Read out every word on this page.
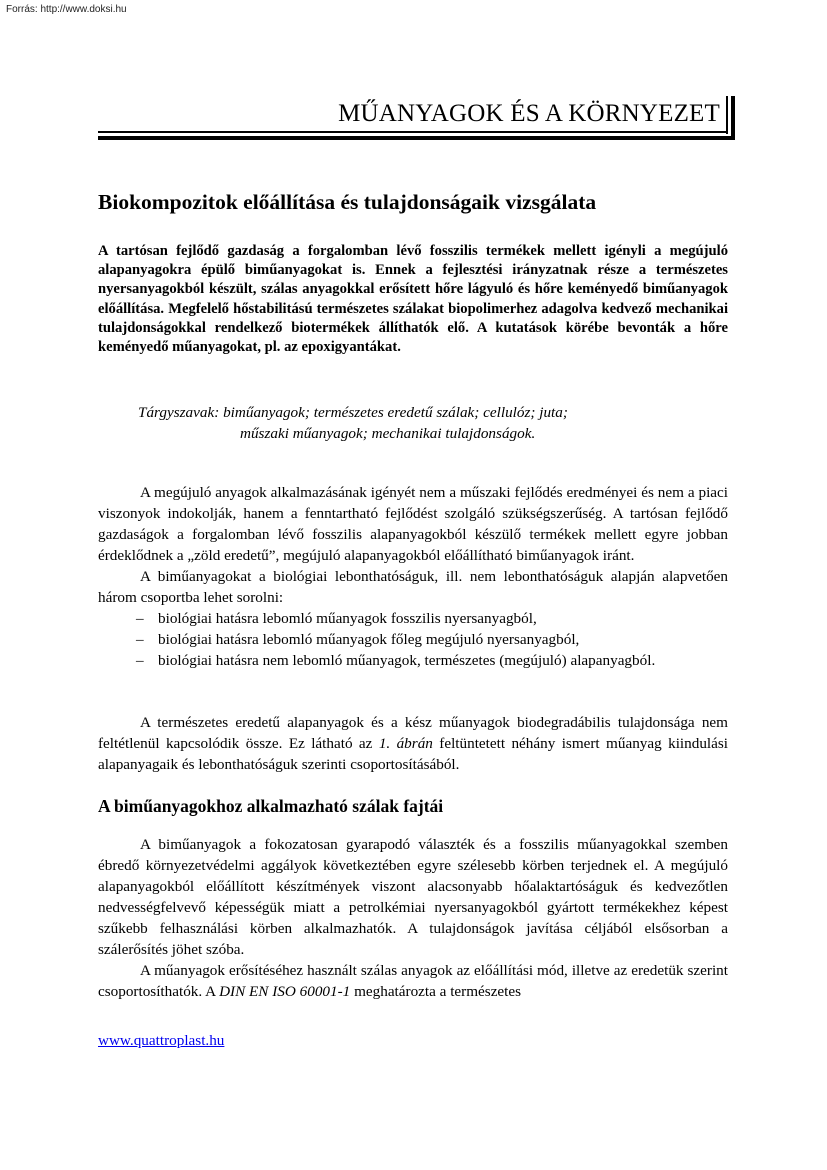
Forrás: http://www.doksi.hu
MŰANYAGOK ÉS A KÖRNYEZET
Biokompozitok előállítása és tulajdonságaik vizsgálata
A tartósan fejlődő gazdaság a forgalomban lévő fosszilis termékek mellett igényli a megújuló alapanyagokra épülő biműanyagokat is. Ennek a fejlesztési irányzatnak része a természetes nyersanyagokból készült, szálas anyagokkal erősített hőre lágyuló és hőre keményedő biműanyagok előállítása. Megfelelő hőstabilitású természetes szálakat biopolimerhez adagolva kedvező mechanikai tulajdonságokkal rendelkező biotermékek állíthatók elő. A kutatások körébe bevonták a hőre keményedő műanyagokat, pl. az epoxigyantákat.
Tárgyszavak: biműanyagok; természetes eredetű szálak; cellulóz; juta;
műszaki műanyagok; mechanikai tulajdonságok.

A megújuló anyagok alkalmazásának igényét nem a műszaki fejlődés eredményei és nem a piaci viszonyok indokolják, hanem a fenntartható fejlődést szolgáló szükségszerűség. A tartósan fejlődő gazdaságok a forgalomban lévő fosszilis alapanyagokból készülő termékek mellett egyre jobban érdeklődnek a „zöld eredetű”, megújuló alapanyagokból előállítható biműanyagok iránt.

A biműanyagokat a biológiai lebonthatóságuk, ill. nem lebonthatóságuk alapján alapvetően három csoportba lehet sorolni:

– biológiai hatásra lebomló műanyagok fosszilis nyersanyagból,
– biológiai hatásra lebomló műanyagok főleg megújuló nyersanyagból,
– biológiai hatásra nem lebomló műanyagok, természetes (megújuló) alapanyagból.

A természetes eredetű alapanyagok és a kész műanyagok biodegradábilis tulajdonsága nem feltétlenül kapcsolódik össze. Ez látható az 1. ábrán feltüntetett néhány ismert műanyag kiindulási alapanyagaik és lebonthatóságuk szerinti csoportosításából.

A biműanyagokhoz alkalmazható szálak fajtái

A biműanyagok a fokozatosan gyarapodó választék és a fosszilis műanyagokkal szemben ébredő környezetvédelmi aggályok következtében egyre szélesebb körben terjednek el. A megújuló alapanyagokból előállított készítmények viszont alacsonyabb hőalaktartóságuk és kedvezőtlen nedvességfelvevő képességük miatt a petrolkémiai nyersanyagokból gyártott termékekhez képest szűkebb felhasználási körben alkalmazhatók. A tulajdonságok javítása céljából elsősorban a szálerősítés jöhet szóba.

A műanyagok erősítéséhez használt szálas anyagok az előállítási mód, illetve az eredetük szerint csoportosíthatók. A DIN EN ISO 60001-1 meghatározta a természetes

www.quattroplast.hu
